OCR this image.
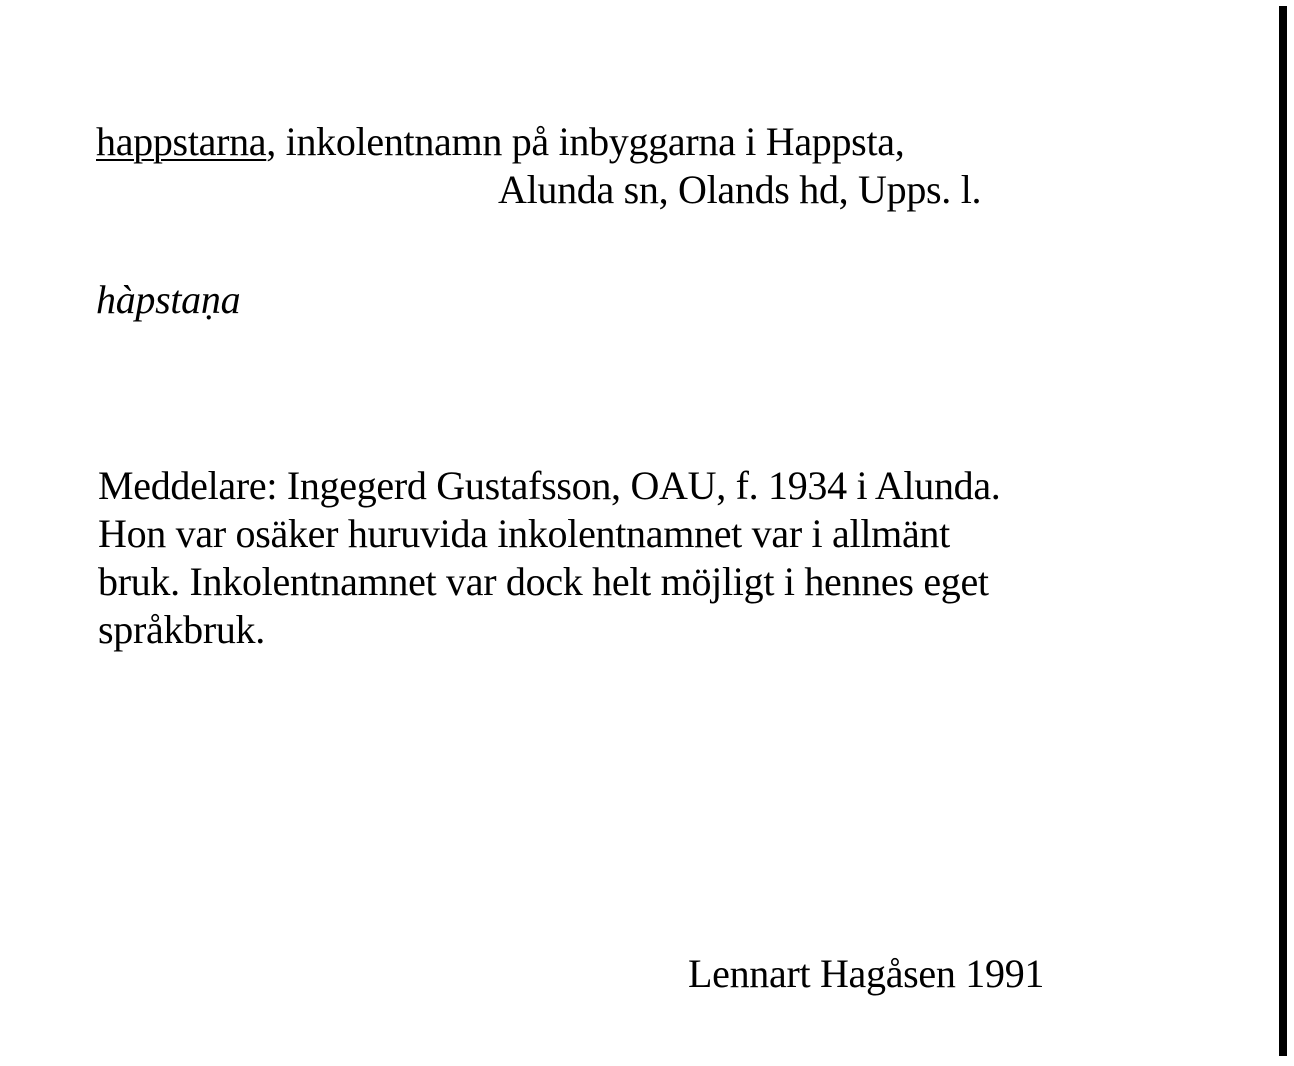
happstarna, inkolentnamn på inbyggarna i Happsta,
Alunda sn, Olands hd, Upps. l.
hàpstaṇa
Meddelare: Ingegerd Gustafsson, OAU, f. 1934 i Alunda.
Hon var osäker huruvida inkolentnamnet var i allmänt
bruk. Inkolentnamnet var dock helt möjligt i hennes eget
språkbruk.
Lennart Hagåsen 1991
